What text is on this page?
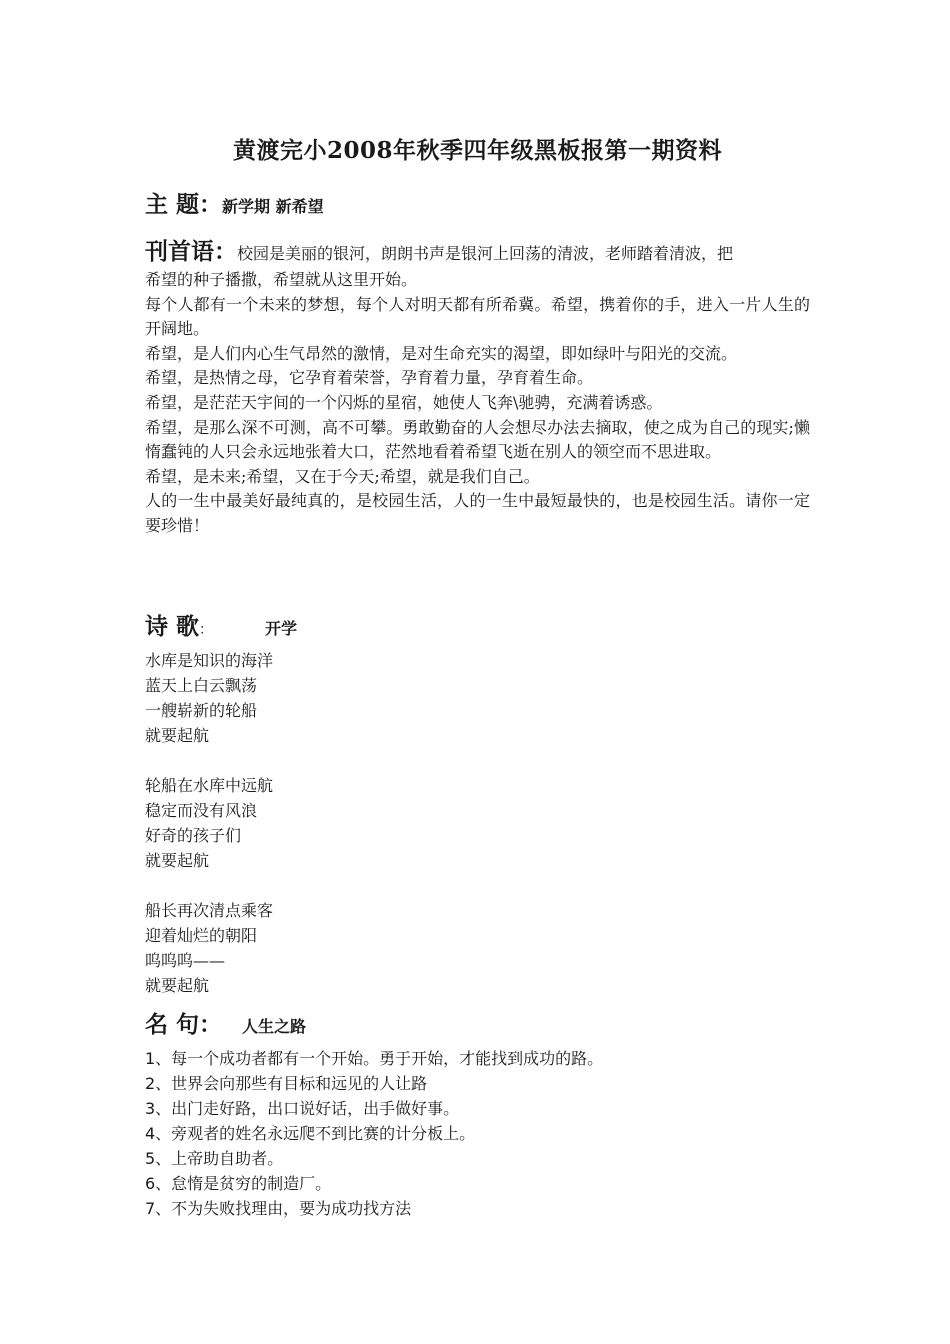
黄渡完小2008年秋季四年级黑板报第一期资料
主 题：新学期 新希望

刊首语：校园是美丽的银河，朗朗书声是银河上回荡的清波，老师踏着清波，把

希望的种子播撒，希望就从这里开始。

每个人都有一个未来的梦想，每个人对明天都有所希冀。希望，携着你的手，进入一片人生的开阔地。

希望，是人们内心生气昂然的激情，是对生命充实的渴望，即如绿叶与阳光的交流。

希望，是热情之母，它孕育着荣誉，孕育着力量，孕育着生命。

希望，是茫茫天宇间的一个闪烁的星宿，她使人飞奔\驰骋，充满着诱惑。

希望，是那么深不可测，高不可攀。勇敢勤奋的人会想尽办法去摘取，使之成为自己的现实;懒惰蠢钝的人只会永远地张着大口，茫然地看着希望飞逝在别人的领空而不思进取。

希望，是未来;希望，又在于今天;希望，就是我们自己。

人的一生中最美好最纯真的，是校园生活，人的一生中最短最快的，也是校园生活。请你一定要珍惜！

诗 歌：	开学
水库是知识的海洋
蓝天上白云飘荡
一艘崭新的轮船
就要起航
轮船在水库中远航
稳定而没有风浪
好奇的孩子们
就要起航
船长再次清点乘客
迎着灿烂的朝阳
呜呜呜——
就要起航
名 句： 人生之路
1、每一个成功者都有一个开始。勇于开始，才能找到成功的路。
2、世界会向那些有目标和远见的人让路
3、出门走好路，出口说好话，出手做好事。
4、旁观者的姓名永远爬不到比赛的计分板上。
5、上帝助自助者。
6、怠惰是贫穷的制造厂。
7、不为失败找理由，要为成功找方法
